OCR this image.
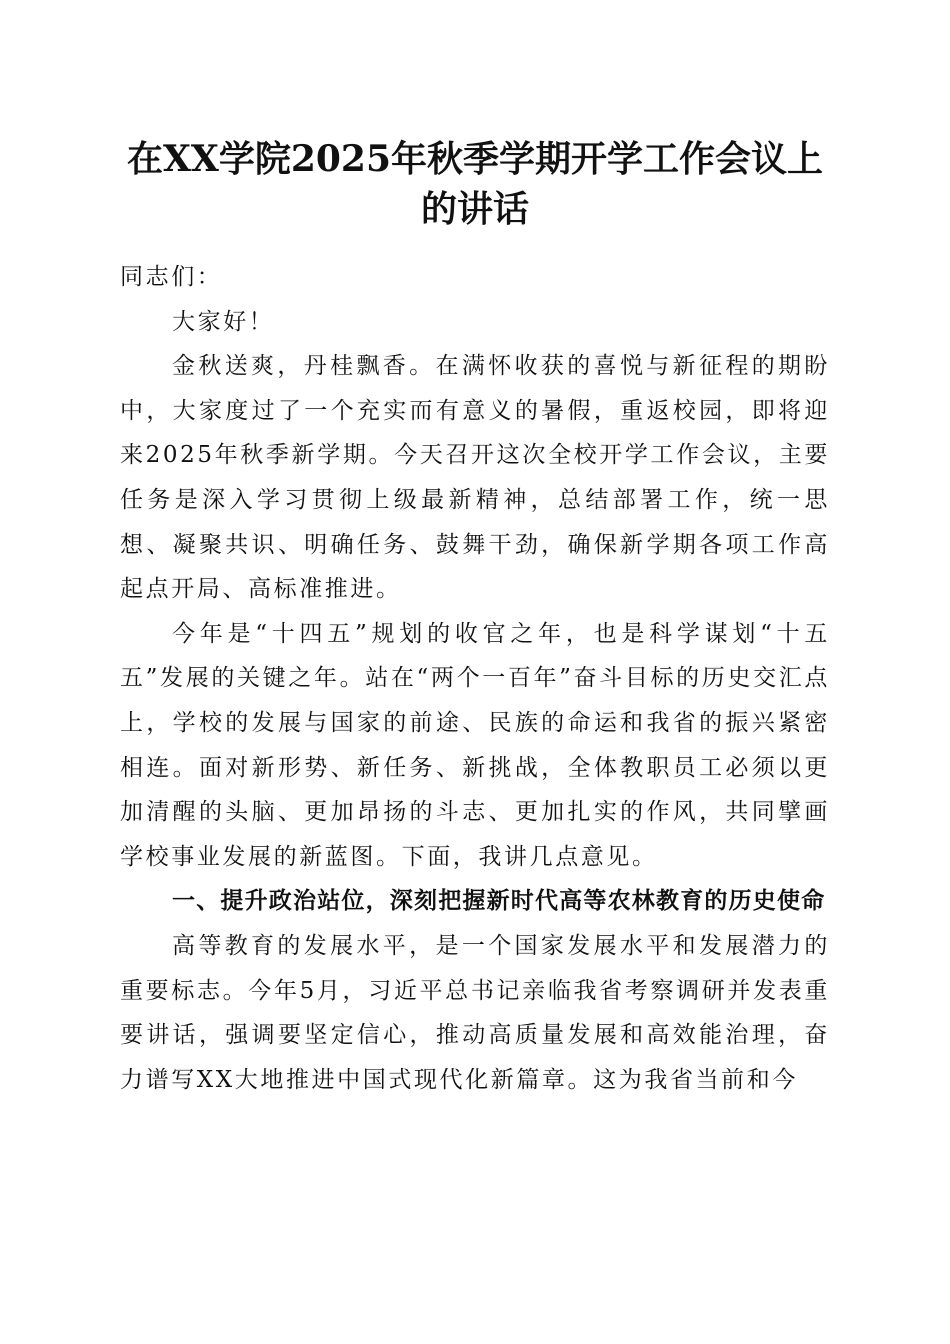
在XX学院2025年秋季学期开学工作会议上的讲话

同志们：

大家好！

金秋送爽，丹桂飘香。在满怀收获的喜悦与新征程的期盼中，大家度过了一个充实而有意义的暑假，重返校园，即将迎来2025年秋季新学期。今天召开这次全校开学工作会议，主要任务是深入学习贯彻上级最新精神，总结部署工作，统一思想、凝聚共识、明确任务、鼓舞干劲，确保新学期各项工作高起点开局、高标准推进。

今年是“十四五”规划的收官之年，也是科学谋划“十五五”发展的关键之年。站在“两个一百年”奋斗目标的历史交汇点上，学校的发展与国家的前途、民族的命运和我省的振兴紧密相连。面对新形势、新任务、新挑战，全体教职员工必须以更加清醒的头脑、更加昂扬的斗志、更加扎实的作风，共同擘画学校事业发展的新蓝图。下面，我讲几点意见。

一、提升政治站位，深刻把握新时代高等农林教育的历史使命

高等教育的发展水平，是一个国家发展水平和发展潜力的重要标志。今年5月，习近平总书记亲临我省考察调研并发表重要讲话，强调要坚定信心，推动高质量发展和高效能治理，奋力谱写XX大地推进中国式现代化新篇章。这为我省当前和今
